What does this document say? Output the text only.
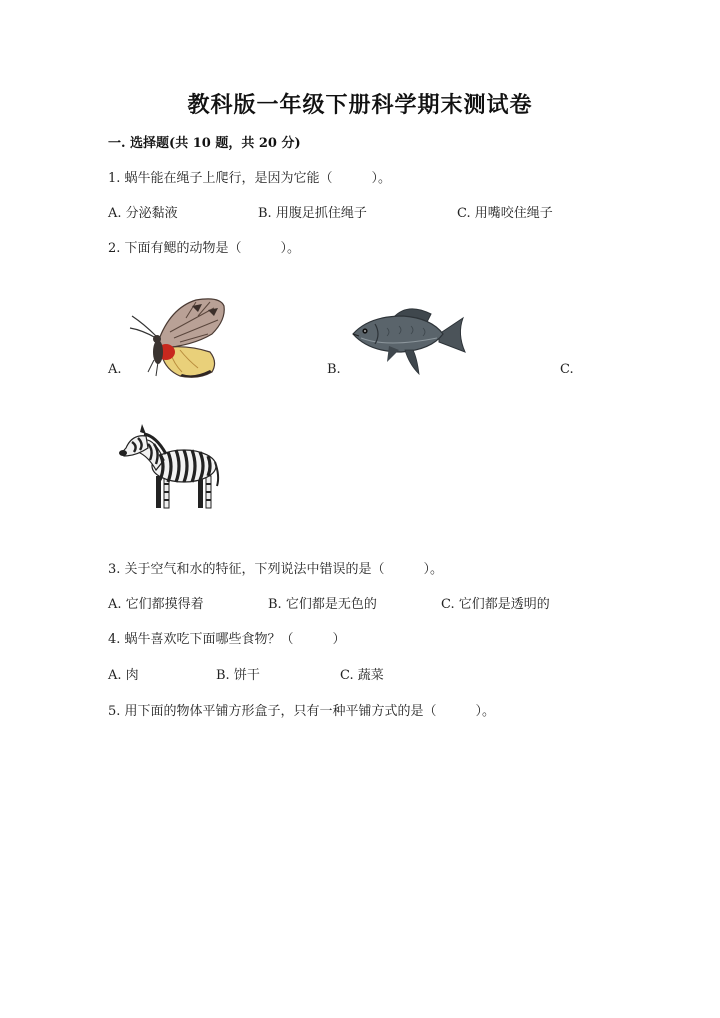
教科版一年级下册科学期末测试卷
一. 选择题(共 10 题，共 20 分)
1. 蜗牛能在绳子上爬行，是因为它能（　　　）。
A. 分泌黏液	B. 用腹足抓住绳子	C. 用嘴咬住绳子
2. 下面有鳃的动物是（　　　）。
A.	B.	C.
3. 关于空气和水的特征，下列说法中错误的是（　　　）。
A. 它们都摸得着	B. 它们都是无色的	C. 它们都是透明的
4. 蜗牛喜欢吃下面哪些食物？（　　　）
A. 肉	B. 饼干	C. 蔬菜
5. 用下面的物体平铺方形盒子，只有一种平铺方式的是（　　　）。
